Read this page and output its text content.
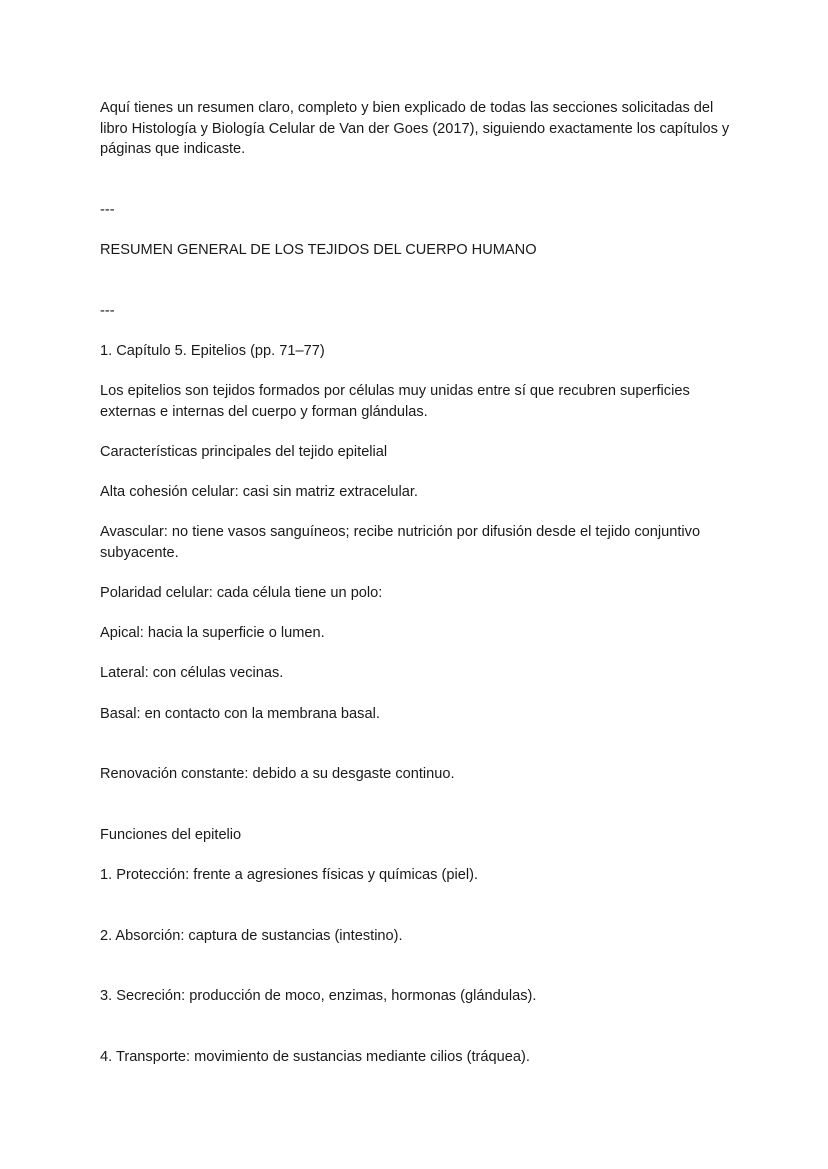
Aquí tienes un resumen claro, completo y bien explicado de todas las secciones solicitadas del libro Histología y Biología Celular de Van der Goes (2017), siguiendo exactamente los capítulos y páginas que indicaste.

---

RESUMEN GENERAL DE LOS TEJIDOS DEL CUERPO HUMANO

---

1. Capítulo 5. Epitelios (pp. 71–77)

Los epitelios son tejidos formados por células muy unidas entre sí que recubren superficies externas e internas del cuerpo y forman glándulas.

Características principales del tejido epitelial

Alta cohesión celular: casi sin matriz extracelular.

Avascular: no tiene vasos sanguíneos; recibe nutrición por difusión desde el tejido conjuntivo subyacente.

Polaridad celular: cada célula tiene un polo:

Apical: hacia la superficie o lumen.

Lateral: con células vecinas.

Basal: en contacto con la membrana basal.

Renovación constante: debido a su desgaste continuo.

Funciones del epitelio

1. Protección: frente a agresiones físicas y químicas (piel).

2. Absorción: captura de sustancias (intestino).

3. Secreción: producción de moco, enzimas, hormonas (glándulas).

4. Transporte: movimiento de sustancias mediante cilios (tráquea).
